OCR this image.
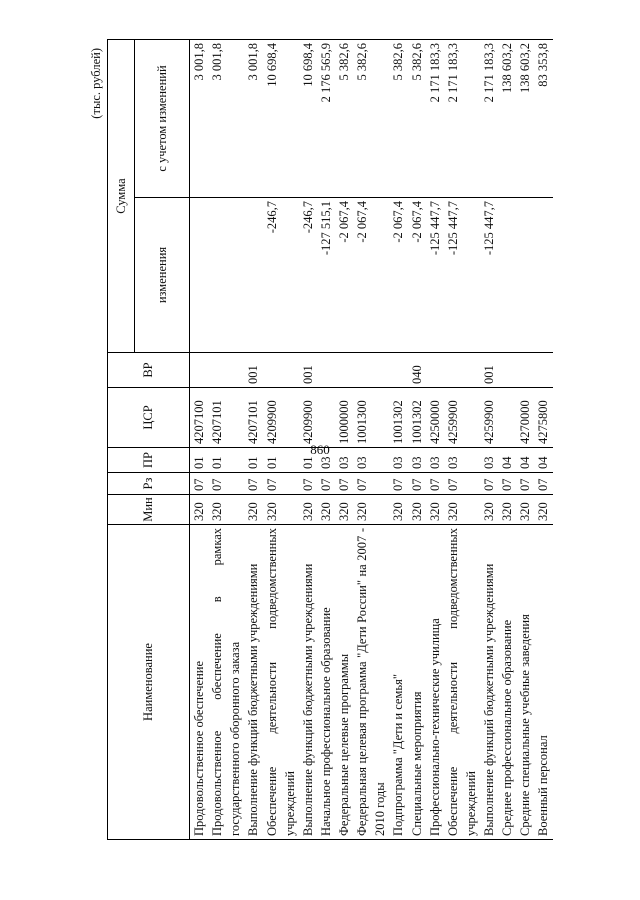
860
(тыс. рублей)
Наименование	Мин	Рз	ПР	ЦСР	ВР	Сумма	
						изменения	с учетом изменений
Продовольственное обеспечение	320	07	01	4207100			3 001,8
Продовольственное обеспечение в рамках государственного оборонного заказа	320	07	01	4207101			3 001,8
Выполнение функций бюджетными учреждениями	320	07	01	4207101	001		3 001,8
Обеспечение деятельности подведомственных учреждений	320	07	01	4209900		-246,7	10 698,4
Выполнение функций бюджетными учреждениями	320	07	01	4209900	001	-246,7	10 698,4
Начальное профессиональное образование	320	07	03			-127 515,1	2 176 565,9
Федеральные целевые программы	320	07	03	1000000		-2 067,4	5 382,6
Федеральная целевая программа "Дети России" на 2007 - 2010 годы	320	07	03	1001300		-2 067,4	5 382,6
Подпрограмма "Дети и семья"	320	07	03	1001302		-2 067,4	5 382,6
Специальные мероприятия	320	07	03	1001302	040	-2 067,4	5 382,6
Профессионально-технические училища	320	07	03	4250000		-125 447,7	2 171 183,3
Обеспечение деятельности подведомственных учреждений	320	07	03	4259900		-125 447,7	2 171 183,3
Выполнение функций бюджетными учреждениями	320	07	03	4259900	001	-125 447,7	2 171 183,3
Среднее профессиональное образование	320	07	04				138 603,2
Средние специальные учебные заведения	320	07	04	4270000			138 603,2
Военный персонал	320	07	04	4275800			83 353,8
